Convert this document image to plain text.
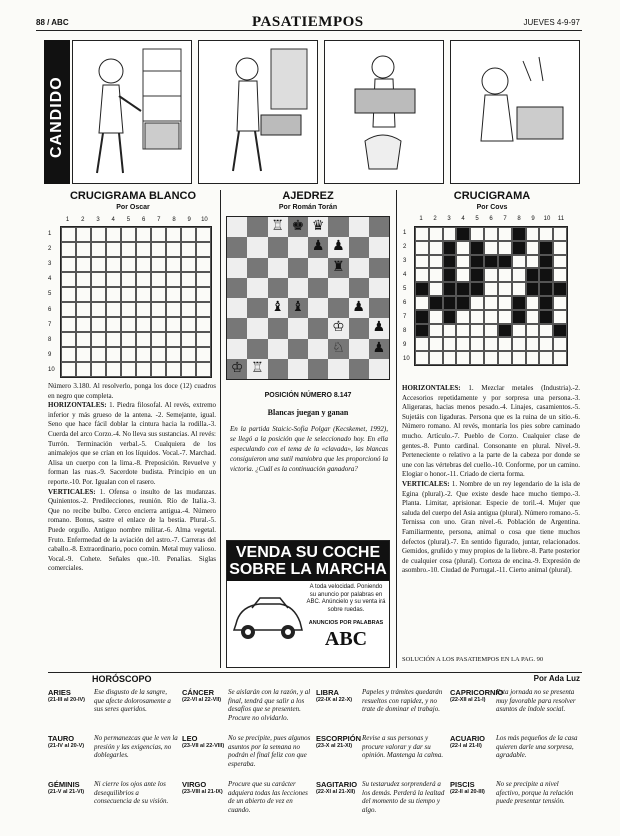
88 / ABC	PASATIEMPOS	JUEVES 4-9-97
CANDIDO
CRUCIGRAMA BLANCO
Por Oscar
1	2	3	4	5	6	7	8	9	10
1
2
3
4
5
6
7
8
9
10
Número 3.180. Al resolverlo, ponga los doce (12) cuadros en negro que completa.
HORIZONTALES: 1. Piedra filosofal. Al revés, extremo inferior y más grueso de la antena. -2. Semejante, igual. Seno que hace fácil doblar la cintura hacia la rodilla.-3. Cuerda del arco Corzo.-4. No lleva sus sustancias. Al revés: Turrón. Terminación verbal.-5. Cualquiera de los animalejos que se crían en los líquidos. Vocal.-7. Marchad. Alisa un cuerpo con la lima.-8. Preposición. Revuelve y forman las ruas.-9. Sacerdote budista. Principio en un reporte.-10. Por. Igualan con el rasero.
VERTICALES: 1. Ofensa o insulto de las mudanzas. Quinientos.-2. Predilecciones, reunión. Río de Italia.-3. Que no recibe bulbo. Cerco encierra antigua.-4. Número romano. Bonus, sastre el enlace de la bestia. Plural.-5. Puede orgullo. Antiguo nombre militar.-6. Alma vegetal. Fruto. Enfermedad de la aviación del astro.-7. Carreras del caballo.-8. Extraordinario, poco común. Metal muy valioso. Vocal.-9. Cohete. Señales que.-10. Penalías. Siglas comerciales.
AJEDREZ
Por Román Torán
♖ ♚ ♛
♟ ♟
♜
♝ ♝	♟
♔ ♟
♘ ♟
♔ ♖
POSICIÓN NÚMERO 8.147
Blancas juegan y ganan
En la partida Staicic-Sofia Polgar (Kecskemet, 1992), se llegó a la posición que le seleccionado hoy. En ella especulando con el tema de la «clavada», las blancas consiguieron una sutil maniobra que les proporcionó la victoria. ¿Cuál es la continuación ganadora?
VENDA SU COCHE
SOBRE LA MARCHA
A toda velocidad. Poniendo su anuncio por palabras en ABC. Anúncielo y su venta irá sobre ruedas.
ANUNCIOS POR PALABRAS
ABC
CRUCIGRAMA
Por Covs
1	2	3	4	5	6	7	8	9	10	11
1
2
3
4
5
6
7
8
9
10
HORIZONTALES: 1. Mezclar metales (Industria).-2. Accesorios repetidamente y por sorpresa una persona.-3. Aligeraras, hacias menos pesado.-4. Linajes, casamientos.-5. Sujetáis con ligaduras. Persona que es la ruina de un sitio.-6. Número romano. Al revés, montaría los pies sobre caminado mucho. Artículo.-7. Pueblo de Corzo. Cualquier clase de gentes.-8. Punto cardinal. Consonante en plural. Nivel.-9. Perteneciente o relativo a la parte de la cabeza por donde se une con las vértebras del cuello.-10. Conforme, por un camino. Elogiar o honor.-11. Criado de cierta forma.
VERTICALES: 1. Nombre de un rey legendario de la isla de Egina (plural).-2. Que existe desde hace mucho tiempo.-3. Planta. Limitar, aprisionar. Especie de toril.-4. Mujer que saluda del cuerpo del Asia antigua (plural). Número romano.-5. Ternissa con uno. Gran nivel.-6. Población de Argentina. Familiarmente, persona, animal o cosa que tiene muchos defectos (plural).-7. En sentido figurado, juntar, relacionados. Gemidos, gruñido y muy propios de la liebre.-8. Parte posterior de cualquier cosa (plural). Corteza de encina.-9. Expresión de asombro.-10. Ciudad de Portugal.-11. Cierto animal (plural).
SOLUCIÓN A LOS PASATIEMPOS EN LA PAG. 90
HORÓSCOPO	Por Ada Luz
ARIES
(21-III al 20-IV)
Ese disgusto de la sangre, que afecte dolorosamente a sus seres queridos.
TAURO
(21-IV al 20-V)
No permanezcas que le ven la presión y las exigencias, no doblegarles.
GÉMINIS
(21-V al 21-VI)
Ni cierre los ojos ante los desequilibrios a consecuencia de su visión.
CÁNCER
(22-VI al 22-VII)
Se aislarán con la razón, y al final, tendrá que salir a los desafíos que se presenten. Procure no olvidarlo.
LEO
(23-VII al 22-VIII)
No se precipite, pues algunos asuntos por la semana no podrán el final feliz con que esperaba.
VIRGO
(23-VIII al 21-IX)
Procure que su carácter adquiera todas las lecciones de un abierto de vez en cuando.
LIBRA
(22-IX al 22-X)
Papeles y trámites quedarán resueltos con rapidez, y no trate de dominar el trabajo.
ESCORPIÓN
(23-X al 21-XI)
Revise a sus personas y procure valorar y dar su opinión. Mantenga la calma.
SAGITARIO
(22-XI al 21-XII)
Su testarudez sorprenderá a los demás. Perderá la lealtad del momento de su tiempo y algo.
CAPRICORNIO
(22-XII al 21-I)
Esta jornada no se presenta muy favorable para resolver asuntos de índole social.
ACUARIO
(22-I al 21-II)
Los más pequeños de la casa quieren darle una sorpresa, agradable.
PISCIS
(22-II al 20-III)
No se precipite a nivel afectivo, porque la relación puede presentar tensión.
